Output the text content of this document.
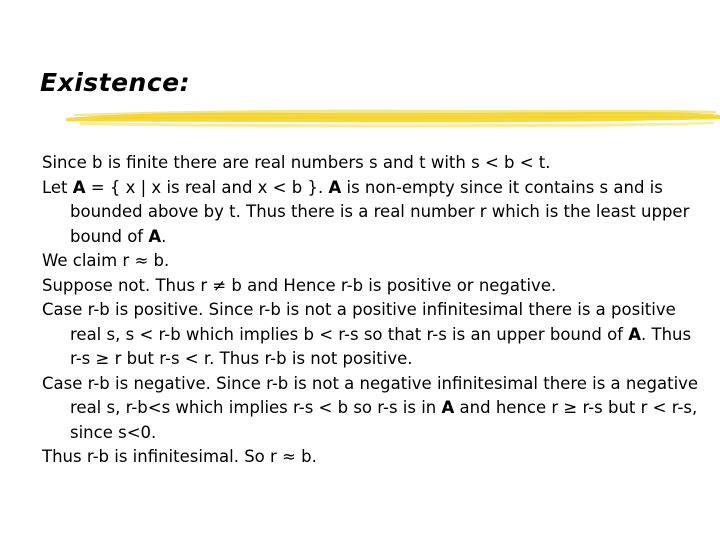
Existence:
Since b is finite there are real numbers s and t with s < b < t.
Let A = { x | x is real and x < b }. A is non-empty since it contains s and is bounded above by t. Thus there is a real number r which is the least upper bound of A.
We claim r ≈ b.
Suppose not. Thus r ≠ b and Hence r-b is positive or negative.
Case r-b is positive. Since r-b is not a positive infinitesimal there is a positive real s, s < r-b which implies b < r-s so that r-s is an upper bound of A. Thus r-s ≥ r but r-s < r. Thus r-b is not positive.
Case r-b is negative. Since r-b is not a negative infinitesimal there is a negative real s, r-b<s which implies r-s < b so r-s is in A and hence r ≥ r-s but r < r-s, since s<0.
Thus r-b is infinitesimal. So r ≈ b.
